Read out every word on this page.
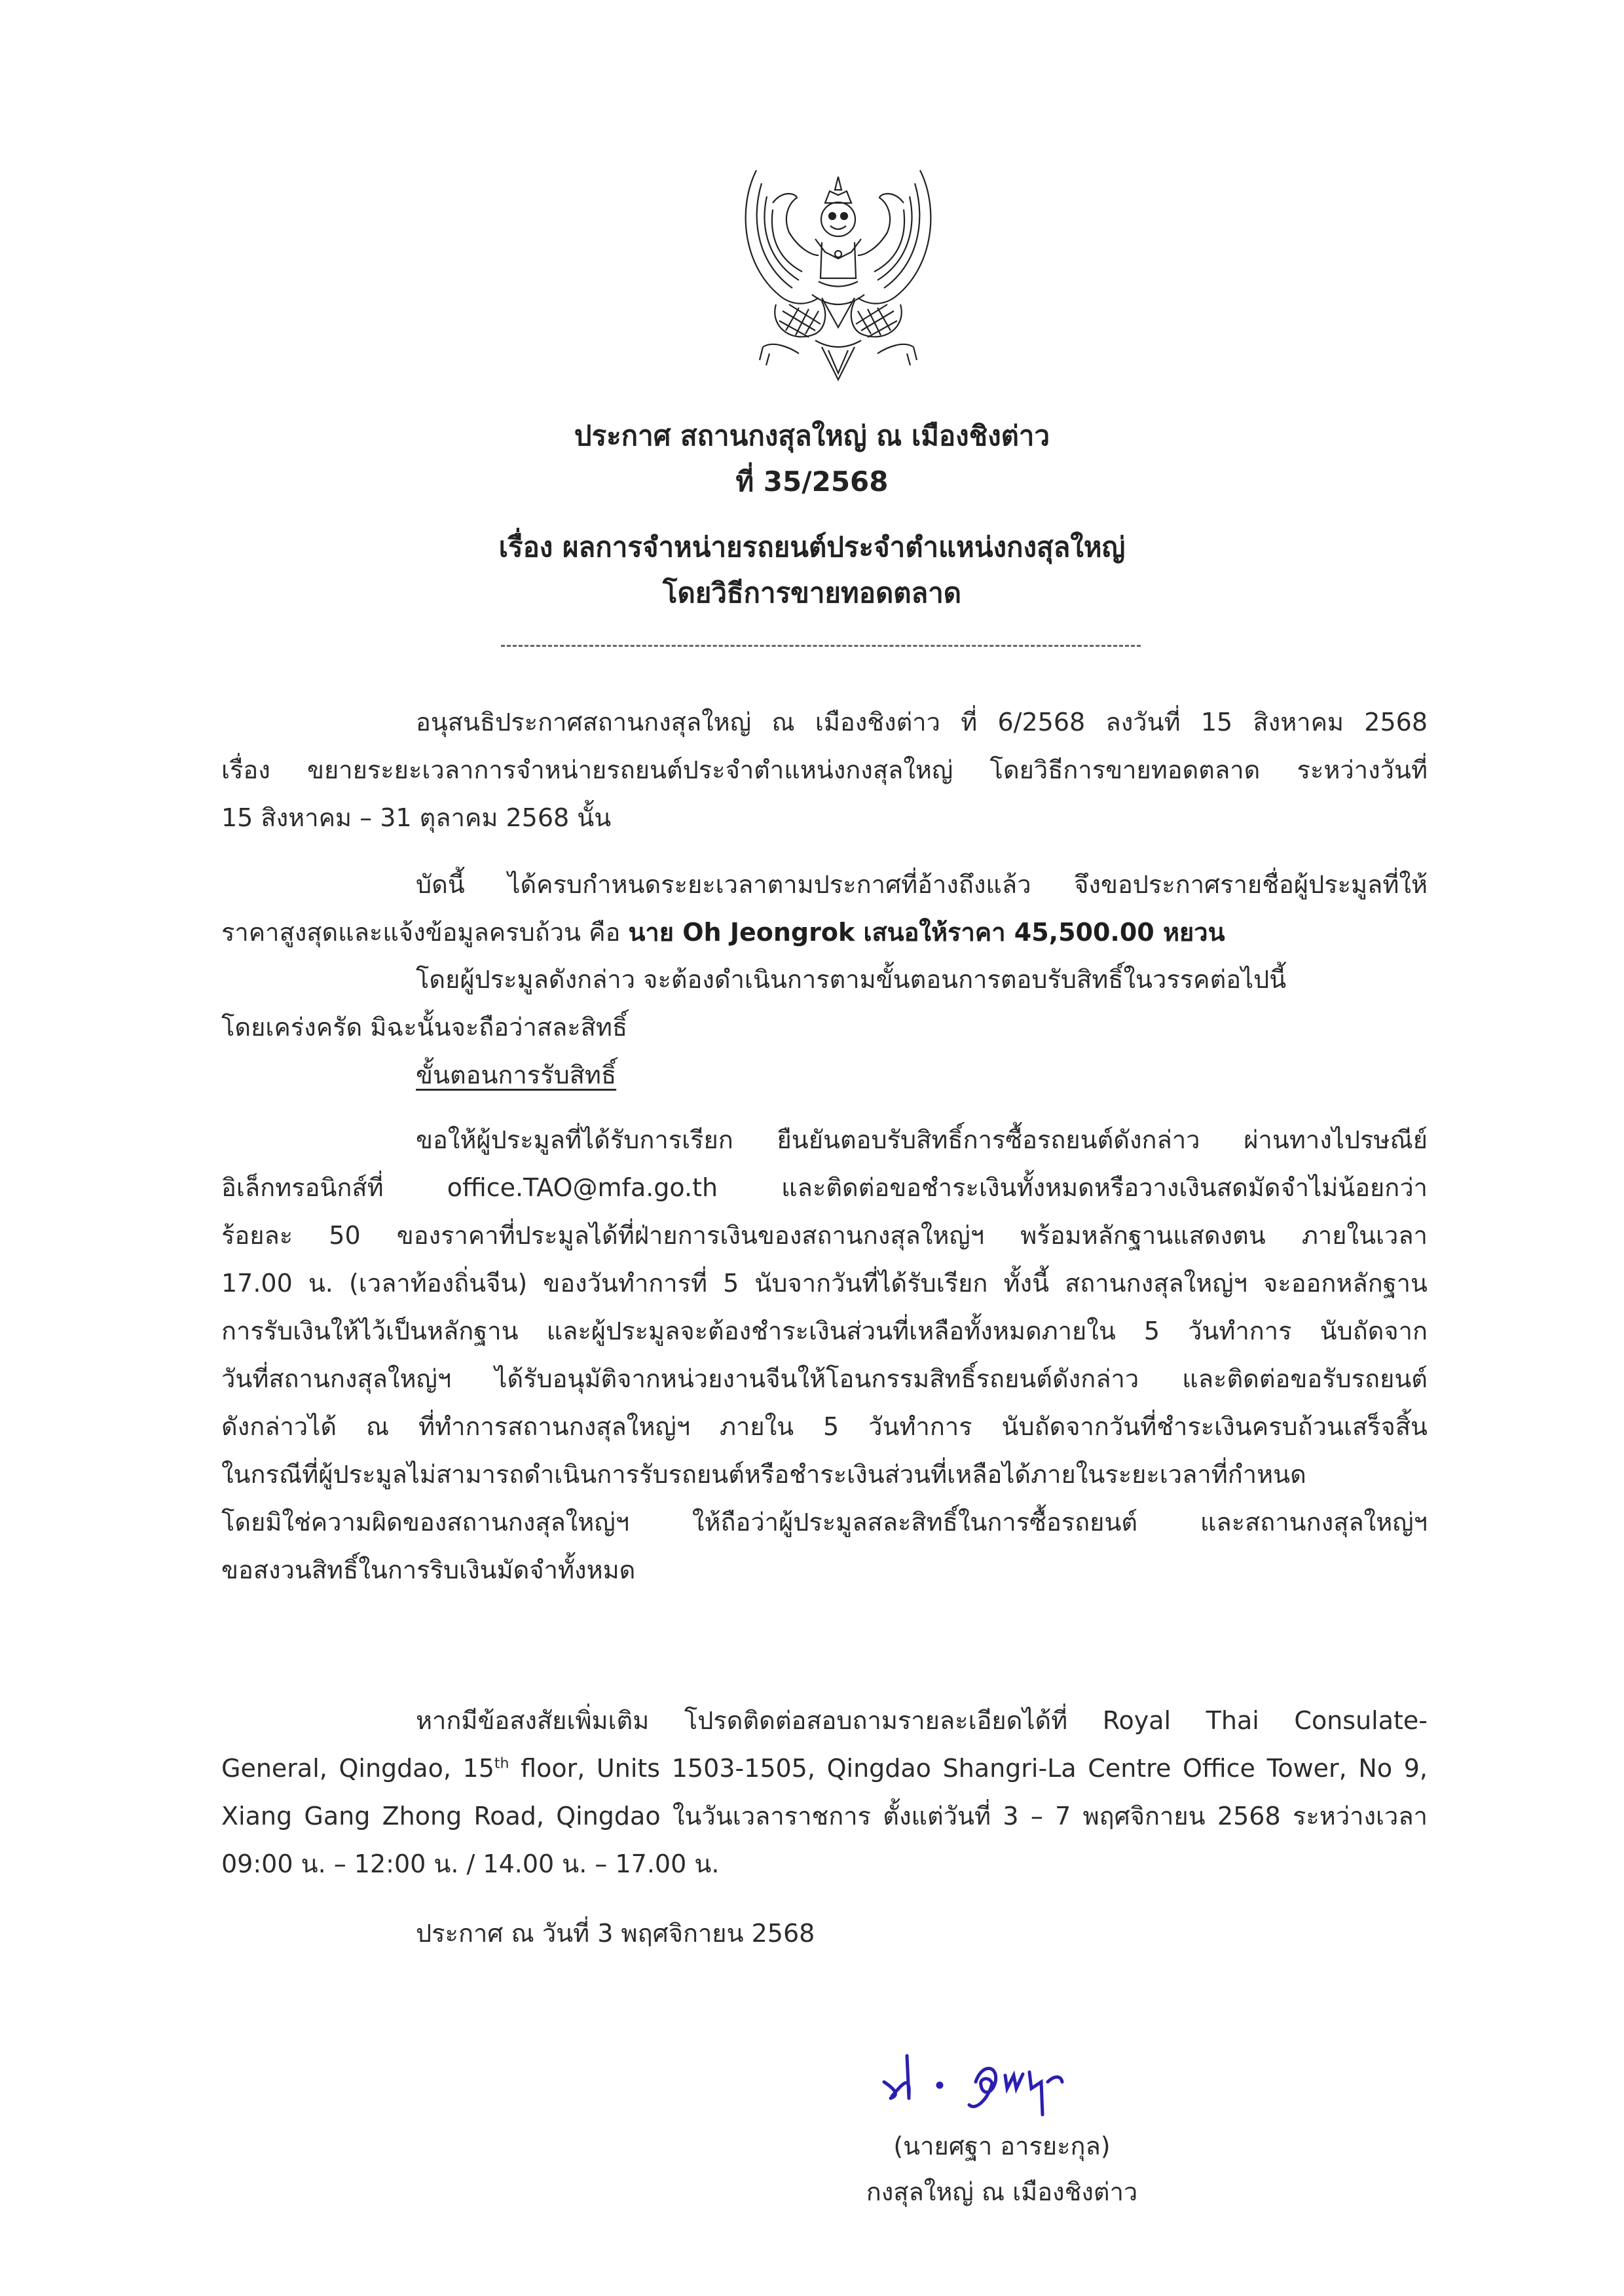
ประกาศ สถานกงสุลใหญ่ ณ เมืองชิงต่าว
ที่ 35/2568
เรื่อง ผลการจำหน่ายรถยนต์ประจำตำแหน่งกงสุลใหญ่
โดยวิธีการขายทอดตลาด
อนุสนธิประกาศสถานกงสุลใหญ่ ณ เมืองชิงต่าว ที่ 6/2568 ลงวันที่ 15 สิงหาคม 2568
เรื่อง ขยายระยะเวลาการจำหน่ายรถยนต์ประจำตำแหน่งกงสุลใหญ่ โดยวิธีการขายทอดตลาด ระหว่างวันที่
15 สิงหาคม – 31 ตุลาคม 2568 นั้น
บัดนี้ ได้ครบกำหนดระยะเวลาตามประกาศที่อ้างถึงแล้ว จึงขอประกาศรายชื่อผู้ประมูลที่ให้
ราคาสูงสุดและแจ้งข้อมูลครบถ้วน คือ นาย Oh Jeongrok เสนอให้ราคา 45,500.00 หยวน
โดยผู้ประมูลดังกล่าว จะต้องดำเนินการตามขั้นตอนการตอบรับสิทธิ์ในวรรคต่อไปนี้
โดยเคร่งครัด มิฉะนั้นจะถือว่าสละสิทธิ์
ขั้นตอนการรับสิทธิ์
ขอให้ผู้ประมูลที่ได้รับการเรียก ยืนยันตอบรับสิทธิ์การซื้อรถยนต์ดังกล่าว ผ่านทางไปรษณีย์
อิเล็กทรอนิกส์ที่ office.TAO@mfa.go.th และติดต่อขอชำระเงินทั้งหมดหรือวางเงินสดมัดจำไม่น้อยกว่า
ร้อยละ 50 ของราคาที่ประมูลได้ที่ฝ่ายการเงินของสถานกงสุลใหญ่ฯ พร้อมหลักฐานแสดงตน ภายในเวลา
17.00 น. (เวลาท้องถิ่นจีน) ของวันทำการที่ 5 นับจากวันที่ได้รับเรียก ทั้งนี้ สถานกงสุลใหญ่ฯ จะออกหลักฐาน
การรับเงินให้ไว้เป็นหลักฐาน และผู้ประมูลจะต้องชำระเงินส่วนที่เหลือทั้งหมดภายใน 5 วันทำการ นับถัดจาก
วันที่สถานกงสุลใหญ่ฯ ได้รับอนุมัติจากหน่วยงานจีนให้โอนกรรมสิทธิ์รถยนต์ดังกล่าว และติดต่อขอรับรถยนต์
ดังกล่าวได้ ณ ที่ทำการสถานกงสุลใหญ่ฯ ภายใน 5 วันทำการ นับถัดจากวันที่ชำระเงินครบถ้วนเสร็จสิ้น
ในกรณีที่ผู้ประมูลไม่สามารถดำเนินการรับรถยนต์หรือชำระเงินส่วนที่เหลือได้ภายในระยะเวลาที่กำหนด
โดยมิใช่ความผิดของสถานกงสุลใหญ่ฯ ให้ถือว่าผู้ประมูลสละสิทธิ์ในการซื้อรถยนต์ และสถานกงสุลใหญ่ฯ
ขอสงวนสิทธิ์ในการริบเงินมัดจำทั้งหมด
หากมีข้อสงสัยเพิ่มเติม โปรดติดต่อสอบถามรายละเอียดได้ที่ Royal Thai Consulate-
General, Qingdao, 15th floor, Units 1503-1505, Qingdao Shangri-La Centre Office Tower, No 9,
Xiang Gang Zhong Road, Qingdao ในวันเวลาราชการ ตั้งแต่วันที่ 3 – 7 พฤศจิกายน 2568 ระหว่างเวลา
09:00 น. – 12:00 น. / 14.00 น. – 17.00 น.
ประกาศ ณ วันที่ 3 พฤศจิกายน 2568
(นายศฐา อารยะกุล)
กงสุลใหญ่ ณ เมืองชิงต่าว
